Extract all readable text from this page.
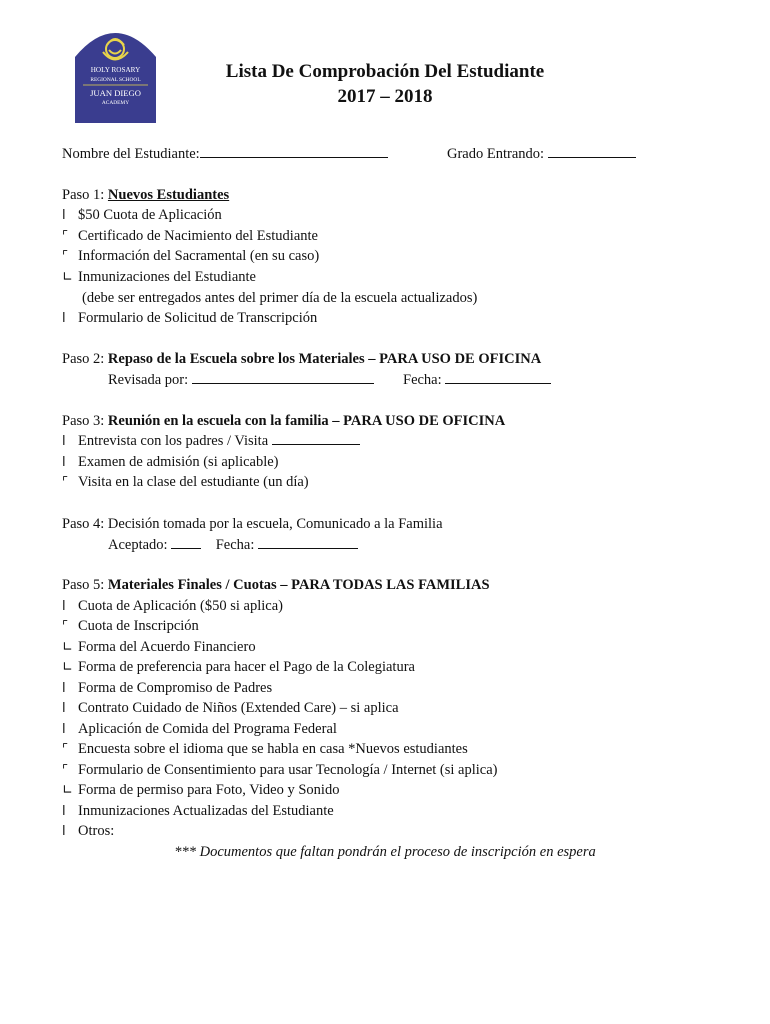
HOLY ROSARY
REGIONAL SCHOOL
JUAN DIEGO
ACADEMY
Lista De Comprobación Del Estudiante
2017 – 2018
Nombre del Estudiante:	Grado Entrando:
Paso 1: Nuevos Estudiantes
l $50 Cuota de Aplicación
⌜ Certificado de Nacimiento del Estudiante
⌜ Información del Sacramental (en su caso)
∟ Inmunizaciones del Estudiante
(debe ser entregados antes del primer día de la escuela actualizados)
l Formulario de Solicitud de Transcripción
Paso 2: Repaso de la Escuela sobre los Materiales – PARA USO DE OFICINA
Revisada por:	Fecha:
Paso 3: Reunión en la escuela con la familia – PARA USO DE OFICINA
l Entrevista con los padres / Visita
l Examen de admisión (si aplicable)
⌜ Visita en la clase del estudiante (un día)
Paso 4: Decisión tomada por la escuela, Comunicado a la Familia
Aceptado:	Fecha:
Paso 5: Materiales Finales / Cuotas – PARA TODAS LAS FAMILIAS
l Cuota de Aplicación ($50 si aplica)
⌜ Cuota de Inscripción
∟ Forma del Acuerdo Financiero
∟ Forma de preferencia para hacer el Pago de la Colegiatura
l Forma de Compromiso de Padres
l Contrato Cuidado de Niños (Extended Care) – si aplica
l Aplicación de Comida del Programa Federal
⌜ Encuesta sobre el idioma que se habla en casa *Nuevos estudiantes
⌜ Formulario de Consentimiento para usar Tecnología / Internet (si aplica)
∟ Forma de permiso para Foto, Video y Sonido
l Inmunizaciones Actualizadas del Estudiante
l Otros:
*** Documentos que faltan pondrán el proceso de inscripción en espera
